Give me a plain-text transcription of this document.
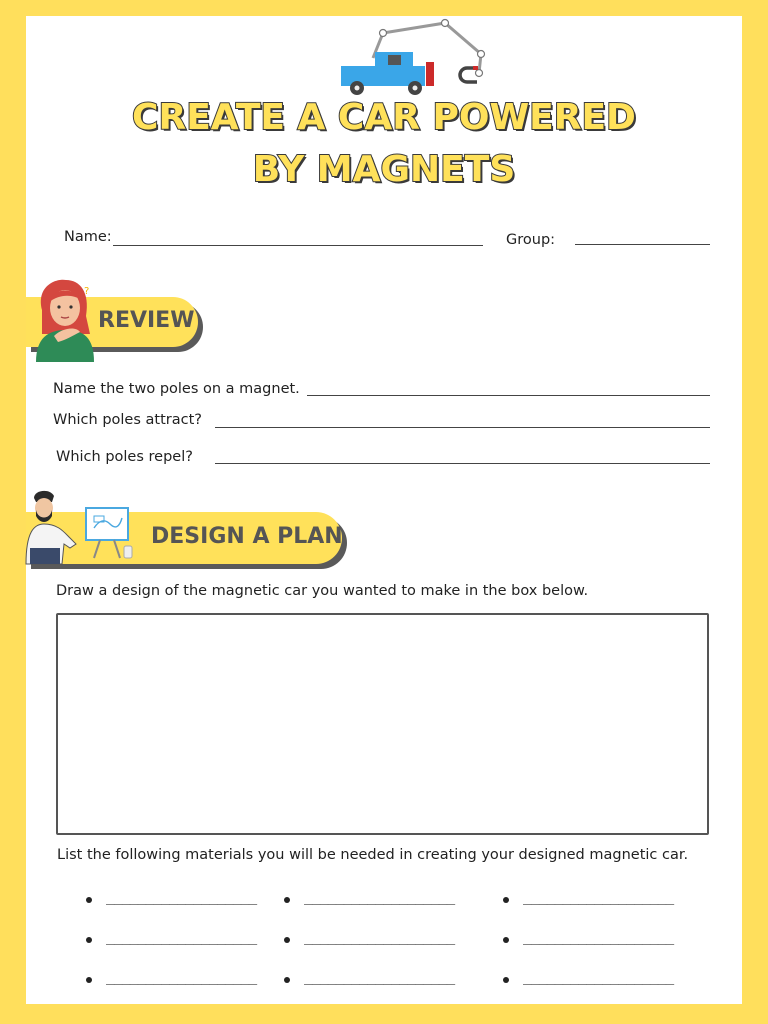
CREATE A CAR POWERED
BY MAGNETS
Name:	Group:
?
REVIEW
Name the two poles on a magnet.
Which poles attract?
Which poles repel?
DESIGN A PLAN
Draw a design of the magnetic car you wanted to make in the box below.
List the following materials you will be needed in creating your designed magnetic car.
___________________	___________________	___________________
___________________	___________________	___________________
___________________	___________________	___________________
